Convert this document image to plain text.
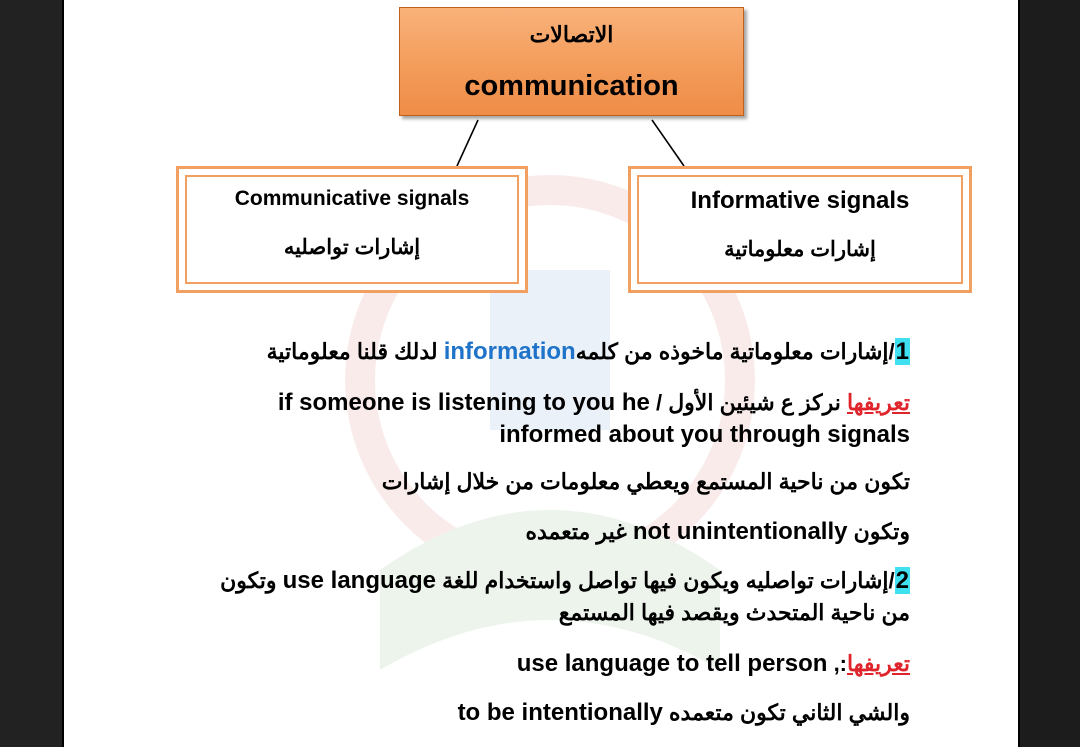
الاتصالات
communication
Communicative signals
إشارات تواصليه
Informative signals
إشارات معلوماتية
1/إشارات معلوماتية ماخوذه من كلمهinformation لدلك قلنا معلوماتية
تعريفها نركز ع شيئين الأول / if someone is listening to you he
informed about you through signals
تكون من ناحية المستمع ويعطي معلومات من خلال إشارات
وتكون not unintentionally غير متعمده
2/إشارات تواصليه ويكون فيها تواصل واستخدام للغة use language وتكون
من ناحية المتحدث ويقصد فيها المستمع
تعريفها:, use language to tell person
والشي الثاني تكون متعمده to be intentionally
